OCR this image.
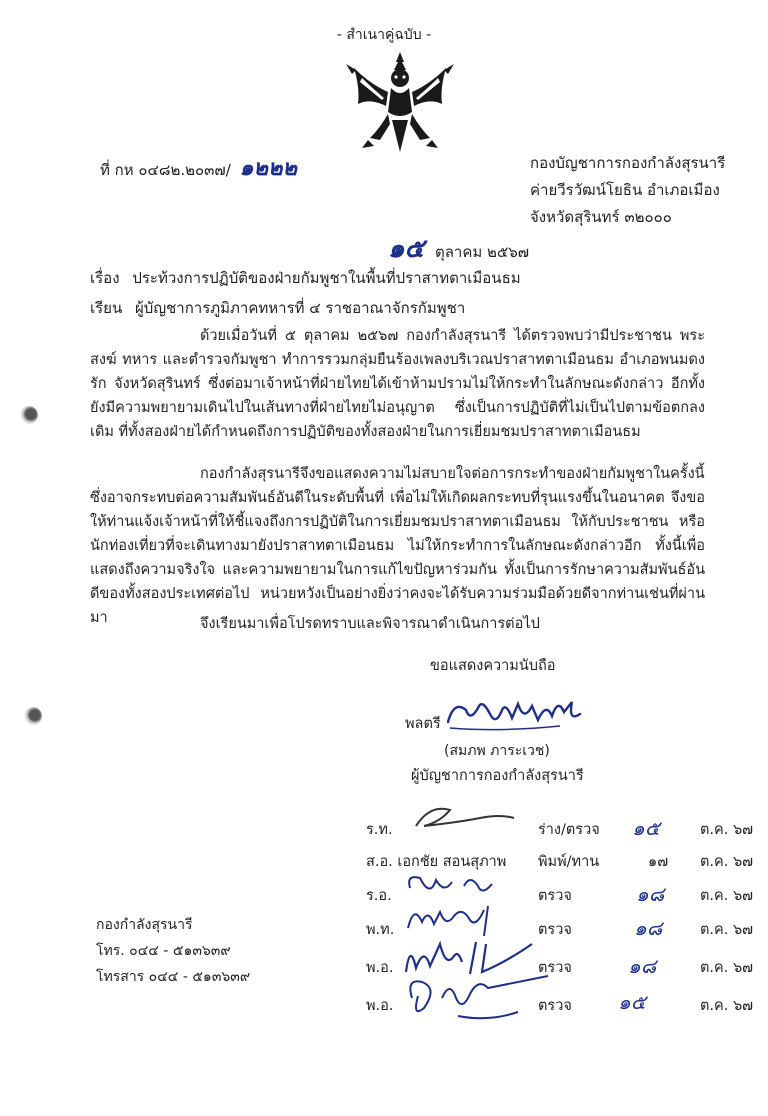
- สำเนาคู่ฉบับ -
ที่ กห ๐๔๘๒.๒๐๓๗/ ๑๒๒๒	กองบัญชาการกองกำลังสุรนารี
ค่ายวีรวัฒน์โยธิน อำเภอเมือง
จังหวัดสุรินทร์ ๓๒๐๐๐
๑๕ ตุลาคม ๒๕๖๗
เรื่อง ประท้วงการปฏิบัติของฝ่ายกัมพูชาในพื้นที่ปราสาทตาเมือนธม
เรียน ผู้บัญชาการภูมิภาคทหารที่ ๔ ราชอาณาจักรกัมพูชา

ด้วยเมื่อวันที่ ๕ ตุลาคม ๒๕๖๗ กองกำลังสุรนารี ได้ตรวจพบว่ามีประชาชน พระสงฆ์ ทหาร และตำรวจกัมพูชา ทำการรวมกลุ่มยืนร้องเพลงบริเวณปราสาทตาเมือนธม อำเภอพนมดงรัก จังหวัดสุรินทร์ ซึ่งต่อมาเจ้าหน้าที่ฝ่ายไทยได้เข้าห้ามปรามไม่ให้กระทำในลักษณะดังกล่าว อีกทั้งยังมีความพยายามเดินไปในเส้นทางที่ฝ่ายไทยไม่อนุญาต ซึ่งเป็นการปฏิบัติที่ไม่เป็นไปตามข้อตกลงเดิม ที่ทั้งสองฝ่ายได้กำหนดถึงการปฏิบัติของทั้งสองฝ่ายในการเยี่ยมชมปราสาทตาเมือนธม

กองกำลังสุรนารีจึงขอแสดงความไม่สบายใจต่อการกระทำของฝ่ายกัมพูชาในครั้งนี้ซึ่งอาจกระทบต่อความสัมพันธ์อันดีในระดับพื้นที่ เพื่อไม่ให้เกิดผลกระทบที่รุนแรงขึ้นในอนาคต จึงขอให้ท่านแจ้งเจ้าหน้าที่ให้ชี้แจงถึงการปฏิบัติในการเยี่ยมชมปราสาทตาเมือนธม ให้กับประชาชน หรือนักท่องเที่ยวที่จะเดินทางมายังปราสาทตาเมือนธม ไม่ให้กระทำการในลักษณะดังกล่าวอีก ทั้งนี้เพื่อแสดงถึงความจริงใจ และความพยายามในการแก้ไขปัญหาร่วมกัน ทั้งเป็นการรักษาความสัมพันธ์อันดีของทั้งสองประเทศต่อไป หน่วยหวังเป็นอย่างยิ่งว่าคงจะได้รับความร่วมมือด้วยดีจากท่านเช่นที่ผ่านมา	จึงเรียนมาเพื่อโปรดทราบและพิจารณาดำเนินการต่อไป
ขอแสดงความนับถือ
พลตรี
(สมภพ ภาระเวช)
ผู้บัญชาการกองกำลังสุรนารี
ร.ท.	ร่าง/ตรวจ ๑๕	ต.ค. ๖๗
ส.อ. เอกชัย สอนสุภาพ พิมพ์/ทาน	๑๗ ต.ค. ๖๗
ร.อ.	ตรวจ	๑๘ ต.ค. ๖๗
พ.ท.	ตรวจ	๑๘	ต.ค. ๖๗
พ.อ.	ตรวจ	๑๘	ต.ค. ๖๗
พ.อ.	ตรวจ ๑๕	ต.ค. ๖๗
กองกำลังสุรนารี
โทร. ๐๔๔ - ๕๑๓๖๓๙
โทรสาร ๐๔๔ - ๕๑๓๖๓๙
